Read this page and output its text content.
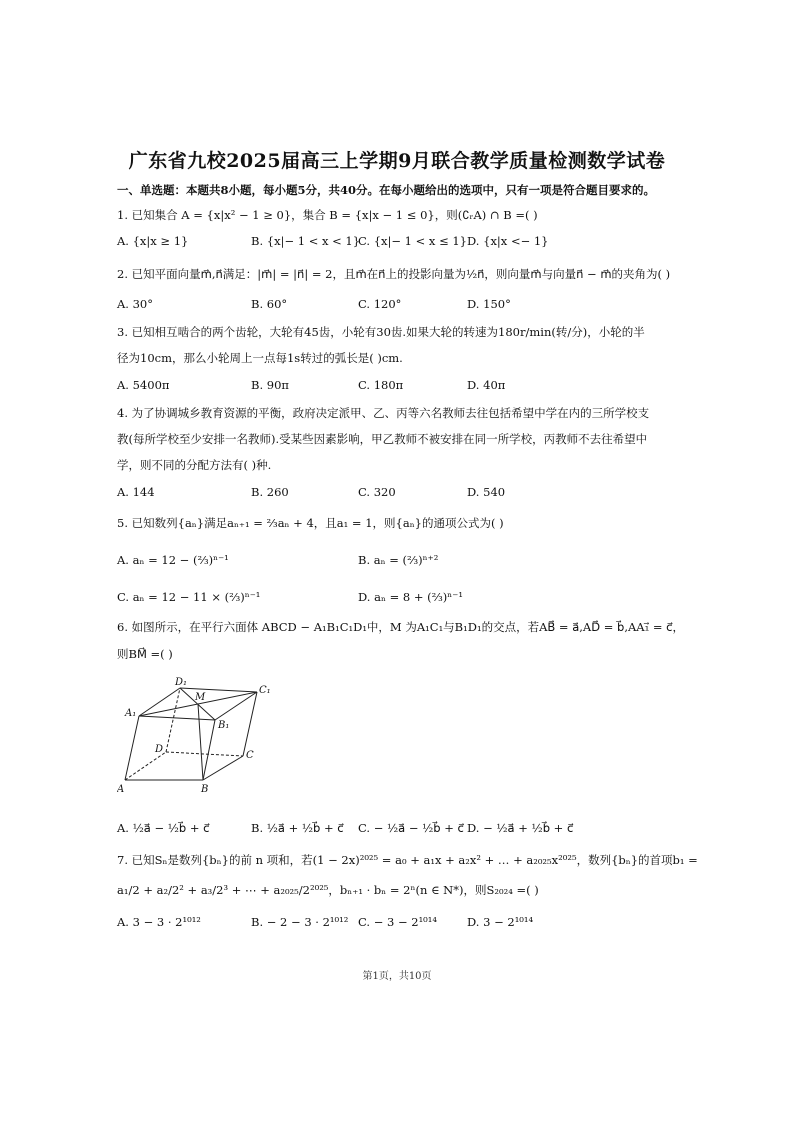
广东省九校2025届高三上学期9月联合教学质量检测数学试卷
一、单选题：本题共8小题，每小题5分，共40分。在每小题给出的选项中，只有一项是符合题目要求的。
1. 已知集合 A = {x|x² − 1 ≥ 0}，集合 B = {x|x − 1 ≤ 0}，则(∁ᵣA) ∩ B =( )
A. {x|x ≥ 1}	B. {x|− 1 < x < 1}
C. {x|− 1 < x ≤ 1} D. {x|x <− 1}
2. 已知平面向量m⃗,n⃗满足：|m⃗| = |n⃗| = 2，且m⃗在n⃗上的投影向量为½n⃗，则向量m⃗与向量n⃗ − m⃗的夹角为( )
A. 30°	B. 60°	C. 120°	D. 150°
3. 已知相互啮合的两个齿轮，大轮有45齿，小轮有30齿.如果大轮的转速为180r/min(转/分)，小轮的半
径为10cm，那么小轮周上一点每1s转过的弧长是( )cm.
A. 5400π	B. 90π	C. 180π	D. 40π
4. 为了协调城乡教育资源的平衡，政府决定派甲、乙、丙等六名教师去往包括希望中学在内的三所学校支
教(每所学校至少安排一名教师).受某些因素影响，甲乙教师不被安排在同一所学校，丙教师不去往希望中
学，则不同的分配方法有( )种.
A. 144	B. 260	C. 320	D. 540
5. 已知数列{aₙ}满足aₙ₊₁ = ⅔aₙ + 4，且a₁ = 1，则{aₙ}的通项公式为( )
A. aₙ = 12 − (⅔)ⁿ⁻¹	B. aₙ = (⅔)ⁿ⁺²
C. aₙ = 12 − 11 × (⅔)ⁿ⁻¹	D. aₙ = 8 + (⅔)ⁿ⁻¹
6. 如图所示，在平行六面体 ABCD − A₁B₁C₁D₁中，M 为A₁C₁与B₁D₁的交点，若AB⃗ = a⃗,AD⃗ = b⃗,AA₁⃗ = c⃗，
则BM⃗ =( )
D₁
M
C₁
A₁
B₁
D
C
A	B
A. ½a⃗ − ½b⃗ + c⃗	B. ½a⃗ + ½b⃗ + c⃗ C. − ½a⃗ − ½b⃗ + c⃗ D. − ½a⃗ + ½b⃗ + c⃗
7. 已知Sₙ是数列{bₙ}的前 n 项和，若(1 − 2x)²⁰²⁵ = a₀ + a₁x + a₂x² + … + a₂₀₂₅x²⁰²⁵，数列{bₙ}的首项b₁ =
a₁/2 + a₂/2² + a₃/2³ + ⋯ + a₂₀₂₅/2²⁰²⁵，bₙ₊₁ · bₙ = 2ⁿ(n ∈ N*)，则S₂₀₂₄ =( )
A. 3 − 3 · 2¹⁰¹²	B. − 2 − 3 · 2¹⁰¹² C. − 3 − 2¹⁰¹⁴	D. 3 − 2¹⁰¹⁴
第1页，共10页
